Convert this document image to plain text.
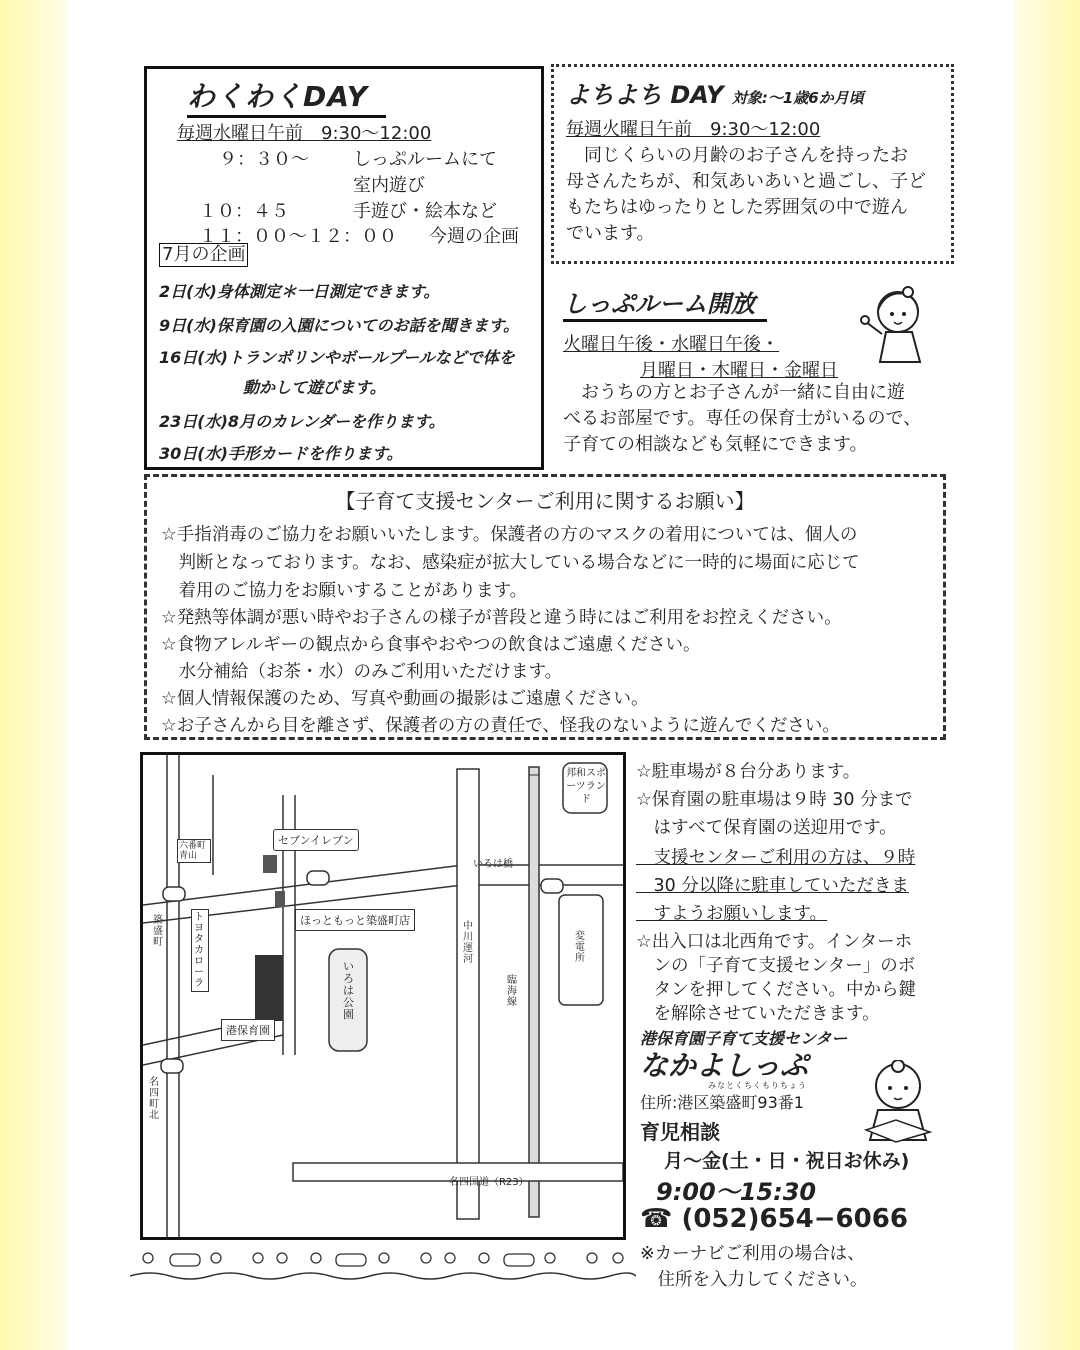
わくわくDAY
毎週水曜日午前　9:30〜12:00
９：３０〜 しっぷルームにて
室内遊び
１０：４５	手遊び・絵本など
１１：００〜１２：００ 今週の企画
7月の企画
2日(水)身体測定＊一日測定できます。
9日(水)保育園の入園についてのお話を聞きます。
16日(水)トランポリンやボールプールなどで体を
動かして遊びます。
23日(水)8月のカレンダーを作ります。
30日(水)手形カードを作ります。
よちよち DAY 対象:〜1歳6か月頃
毎週火曜日午前　9:30〜12:00
　同じくらいの月齢のお子さんを持ったお
母さんたちが、和気あいあいと過ごし、子ど
もたちはゆったりとした雰囲気の中で遊ん
でいます。
しっぷルーム開放
火曜日午後・水曜日午後・
月曜日・木曜日・金曜日
　おうちの方とお子さんが一緒に自由に遊
べるお部屋です。専任の保育士がいるので、
子育ての相談なども気軽にできます。
【子育て支援センターご利用に関するお願い】
☆手指消毒のご協力をお願いいたします。保護者の方のマスクの着用については、個人の
　判断となっております。なお、感染症が拡大している場合などに一時的に場面に応じて
　着用のご協力をお願いすることがあります。
☆発熱等体調が悪い時やお子さんの様子が普段と違う時にはご利用をお控えください。
☆食物アレルギーの観点から食事やおやつの飲食はご遠慮ください。
　水分補給（お茶・水）のみご利用いただけます。
☆個人情報保護のため、写真や動画の撮影はご遠慮ください。
☆お子さんから目を離さず、保護者の方の責任で、怪我のないように遊んでください。
邦和スポーツランド
セブンイレブン
ほっともっと築盛町店
いろは橋
中川運河
臨海線
港保育園
いろは公園
トヨタカローラ
築盛町
名四町北
名四国道（R23）
六番町青山
変電所
☆駐車場が８台分あります。
☆保育園の駐車場は９時 30 分まで
　はすべて保育園の送迎用です。
　支援センターご利用の方は、９時
　30 分以降に駐車していただきま
　すようお願いします。
☆出入口は北西角です。インターホ
　ンの「子育て支援センター」のボ
　タンを押してください。中から鍵
　を解除させていただきます。
港保育園子育て支援センター
なかよしっぷ
みなとくちくもりちょう
住所:港区築盛町93番1
育児相談
月〜金(土・日・祝日お休み)
9:00〜15:30
☎ (052)654−6066
※カーナビご利用の場合は、
　住所を入力してください。
